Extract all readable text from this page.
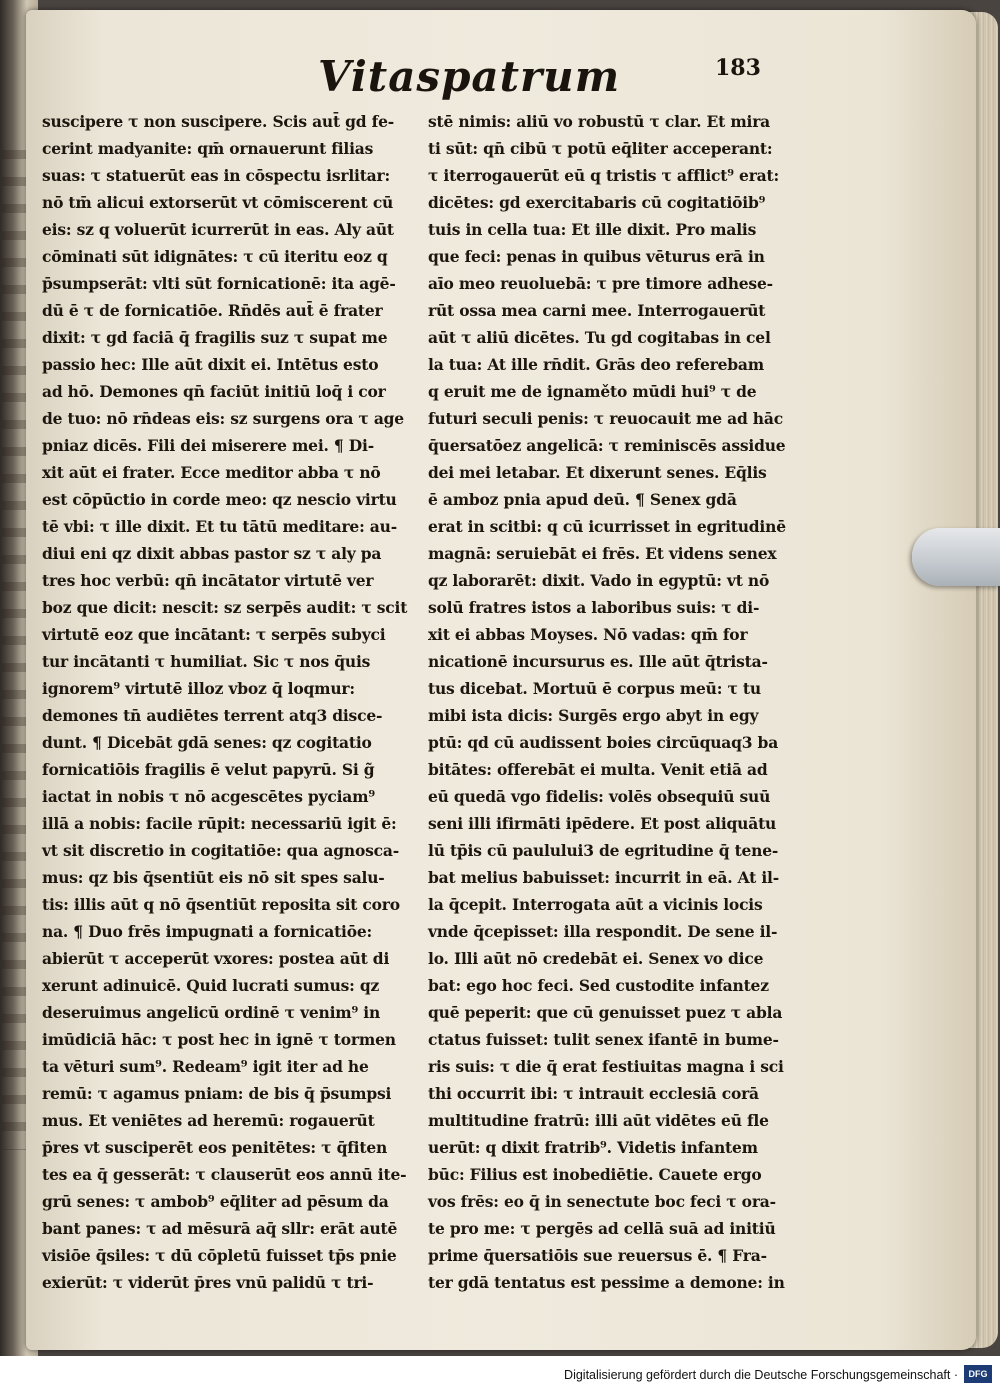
Vitaspatrum	183
suscipere τ non suscipere. Scis aut̄ gd fe-
cerint madyanite: qm̄ ornauerunt filias
suas: τ statuerūt eas in cōspectu isrlitar:
nō tm̄ alicui extorserūt vt cōmiscerent cū
eis: sz q voluerūt icurrerūt in eas. Aly aūt
cōminati sūt idignātes: τ cū iteritu eoz q
p̄sumpserāt: vlti sūt fornicationē: ita agē-
dū ē τ de fornicatiōe. Rn̄dēs aut̄ ē frater
dixit: τ gd faciā q̄ fragilis suz τ supat me
passio hec: Ille aūt dixit ei. Intētus esto
ad hō. Demones qn̄ faciūt initiū loq̄ i cor
de tuo: nō rn̄deas eis: sz surgens ora τ age
pniaz dicēs. Fili dei miserere mei. ¶ Di-
xit aūt ei frater. Ecce meditor abba τ nō
est cōpūctio in corde meo: qz nescio virtu
tē vbi: τ ille dixit. Et tu tātū meditare: au-
diui eni qz dixit abbas pastor sz τ aly pa
tres hoc verbū: qn̄ incātator virtutē ver
boz que dicit: nescit: sz serpēs audit: τ scit
virtutē eoz que incātant: τ serpēs subyci
tur incātanti τ humiliat. Sic τ nos q̄uis
ignorem⁹ virtutē illoz vboz q̄ loqmur:
demones tn̄ audiētes terrent atq3 disce-
dunt. ¶ Dicebāt gdā senes: qz cogitatio
fornicatiōis fragilis ē velut papyrū. Si g̃
iactat in nobis τ nō acgescētes pyciam⁹
illā a nobis: facile rūpit: necessariū igit ē:
vt sit discretio in cogitatiōe: qua agnosca-
mus: qz bis q̄sentiūt eis nō sit spes salu-
tis: illis aūt q nō q̄sentiūt reposita sit coro
na. ¶ Duo frēs impugnati a fornicatiōe:
abierūt τ acceperūt vxores: postea aūt di
xerunt adinuicē. Quid lucrati sumus: qz
deseruimus angelicū ordinē τ venim⁹ in
imūdiciā hāc: τ post hec in ignē τ tormen
ta vēturi sum⁹. Redeam⁹ igit iter ad he
remū: τ agamus pniam: de bis q̄ p̄sumpsi
mus. Et veniētes ad heremū: rogauerūt
p̄res vt susciperēt eos penitētes: τ q̄fiten
tes ea q̄ gesserāt: τ clauserūt eos annū ite-
grū senes: τ ambob⁹ eq̄liter ad pēsum da
bant panes: τ ad mēsurā aq̄ sllr: erāt autē
visiōe q̄siles: τ dū cōpletū fuisset tp̄s pnie
exierūt: τ viderūt p̄res vnū palidū τ tri-
stē nimis: aliū vo robustū τ clar. Et mira
ti sūt: qn̄ cibū τ potū eq̄liter acceperant:
τ iterrogauerūt eū q tristis τ afflict⁹ erat:
dicētes: gd exercitabaris cū cogitatiōib⁹
tuis in cella tua: Et ille dixit. Pro malis
que feci: penas in quibus vēturus erā in
aīo meo reuoluebā: τ pre timore adhese-
rūt ossa mea carni mee. Interrogauerūt
aūt τ aliū dicētes. Tu gd cogitabas in cel
la tua: At ille rn̄dit. Grās deo referebam
q eruit me de ignaměto mūdi hui⁹ τ de
futuri seculi penis: τ reuocauit me ad hāc
q̄uersatōez angelicā: τ reminiscēs assidue
dei mei letabar. Et dixerunt senes. Eq̄lis
ē amboz pnia apud deū. ¶ Senex gdā
erat in scitbi: q cū icurrisset in egritudinē
magnā: seruiebāt ei frēs. Et videns senex
qz laborarēt: dixit. Vado in egyptū: vt nō
solū fratres istos a laboribus suis: τ di-
xit ei abbas Moyses. Nō vadas: qm̄ for
nicationē incursurus es. Ille aūt q̄trista-
tus dicebat. Mortuū ē corpus meū: τ tu
mibi ista dicis: Surgēs ergo abyt in egy
ptū: qd cū audissent boies circūquaq3 ba
bitātes: offerebāt ei multa. Venit etiā ad
eū quedā vgo fidelis: volēs obsequiū suū
seni illi ifirmāti ipēdere. Et post aliquātu
lū tp̄is cū paulului3 de egritudine q̄ tene-
bat melius babuisset: incurrit in eā. At il-
la q̄cepit. Interrogata aūt a vicinis locis
vnde q̄cepisset: illa respondit. De sene il-
lo. Illi aūt nō credebāt ei. Senex vo dice
bat: ego hoc feci. Sed custodite infantez
quē peperit: que cū genuisset puez τ abla
ctatus fuisset: tulit senex ifantē in bume-
ris suis: τ die q̄ erat festiuitas magna i sci
thi occurrit ibi: τ intrauit ecclesiā corā
multitudine fratrū: illi aūt vidētes eū fle
uerūt: q dixit fratrib⁹. Videtis infantem
būc: Filius est inobediētie. Cauete ergo
vos frēs: eo q̄ in senectute boc feci τ ora-
te pro me: τ pergēs ad cellā suā ad initiū
prime q̄uersatiōis sue reuersus ē. ¶ Fra-
ter gdā tentatus est pessime a demone: in
Digitalisierung gefördert durch die Deutsche Forschungsgemeinschaft ·	DFG
